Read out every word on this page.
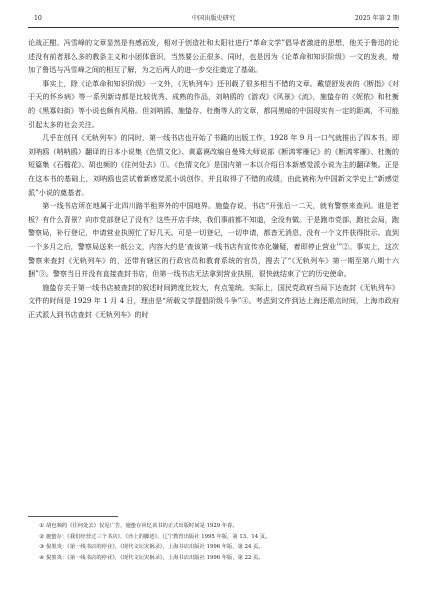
10	中国出版史研究	2025 年第 2 期

论战正酣。冯雪峰的文章显然是有感而发，相对于创造社和太阳社进行“革命文学”倡导者激进的思想，他关于鲁迅的论述没有前者那么多的教条主义和小团体意识，当然要公正很多。同时，也是因为《论革命和知识阶级》一文的发表，增加了鲁迅与冯雪峰之间的相互了解，为之后两人的进一步交往奠定了基础。

事实上，除《论革命和知识阶级》一文外，《无轨列车》还刊载了很多相当不错的文章。戴望舒发表的《断指》《对于天的怀乡病》等一系列新诗都是比较优秀、成熟的作品，刘呐鸥的《游戏》《风景》《流》，施蛰存的《妮侬》和杜衡的《黑寡妇街》等小说也颇有风格。但刘呐鸥、施蛰存、杜衡等人的文章，都同黑暗的中国现实有一定的距离，不可能引起太多的社会关注。

几乎在创刊《无轨列车》的同时，第一线书店也开始了书籍的出版工作，1928 年 9 月一口气就推出了四本书，即刘呐鸥（呐呐鸥）翻译的日本小说集《色情文化》、黄嘉谟改编自曼殊大师说部《断鸿零雁记》的《断鸿零雁》、杜衡的短篇集《石榴花》、胡也频的《往何处去》①。《色情文化》是国内第一本以介绍日本新感觉派小说为主的翻译集。正是在这本书的基础上，刘呐鸥也尝试着新感觉派小说创作，并且取得了不错的成绩，由此被称为中国新文学史上“新感觉派”小说的奠基者。

第一线书店所在地属于北四川路半租界外的中国地界。施蛰存说，书店“开张后一二天，就有警察来查问。谁是老板？有什么背景？向市党部登记了没有？这些开店手续，我们事前都不知道，全没有做。于是跑市党部，跑社会局，跑警察局，补行登记，申请营业执照忙了好几天。可是一切登记，一切申请，都杳无消息，没有一个文件获得批示。直到一个多月之后，警察局送来一纸公文，内容大约是‘查该第一线书店有宣传赤化嫌疑，着即停止营业’”②。事实上，这次警察来查封《无轨列车》的，还带有辖区的行政官员和教育系统的官员，搜去了“《无轨列车》第一期至第八期十六捆”③。警察当日并没有直接查封书店，但第一线书店无法拿到营业执照，很快就结束了它的历史使命。

施蛰存关于第一线书店被查封的叙述时间跨度比较大，有点笼统。实际上，国民党政府当局下达查封《无轨列车》文件的时间是 1929 年 1 月 4 日，理由是“所载文学提倡阶级斗争”④。考虑到文件到达上海还需点时间，上海市政府正式派人到书店查封《无轨列车》的时

① 胡也频的《往何处去》仅见广告，施蛰存回忆该书的正式出版时间是 1929 年春。
② 施蛰存：《我们经营过三个书店》，《沙上的脚迹》，辽宁教育出版社 1995 年版，第 13、14 页。
③ 倪墨炎：《第一线书店的停业》，《现代文坛灾祸录》，上海书店出版社 1996 年版，第 24 页。
④ 倪墨炎：《第一线书店的停业》，《现代文坛灾祸录》，上海书店出版社 1996 年版，第 22 页。
